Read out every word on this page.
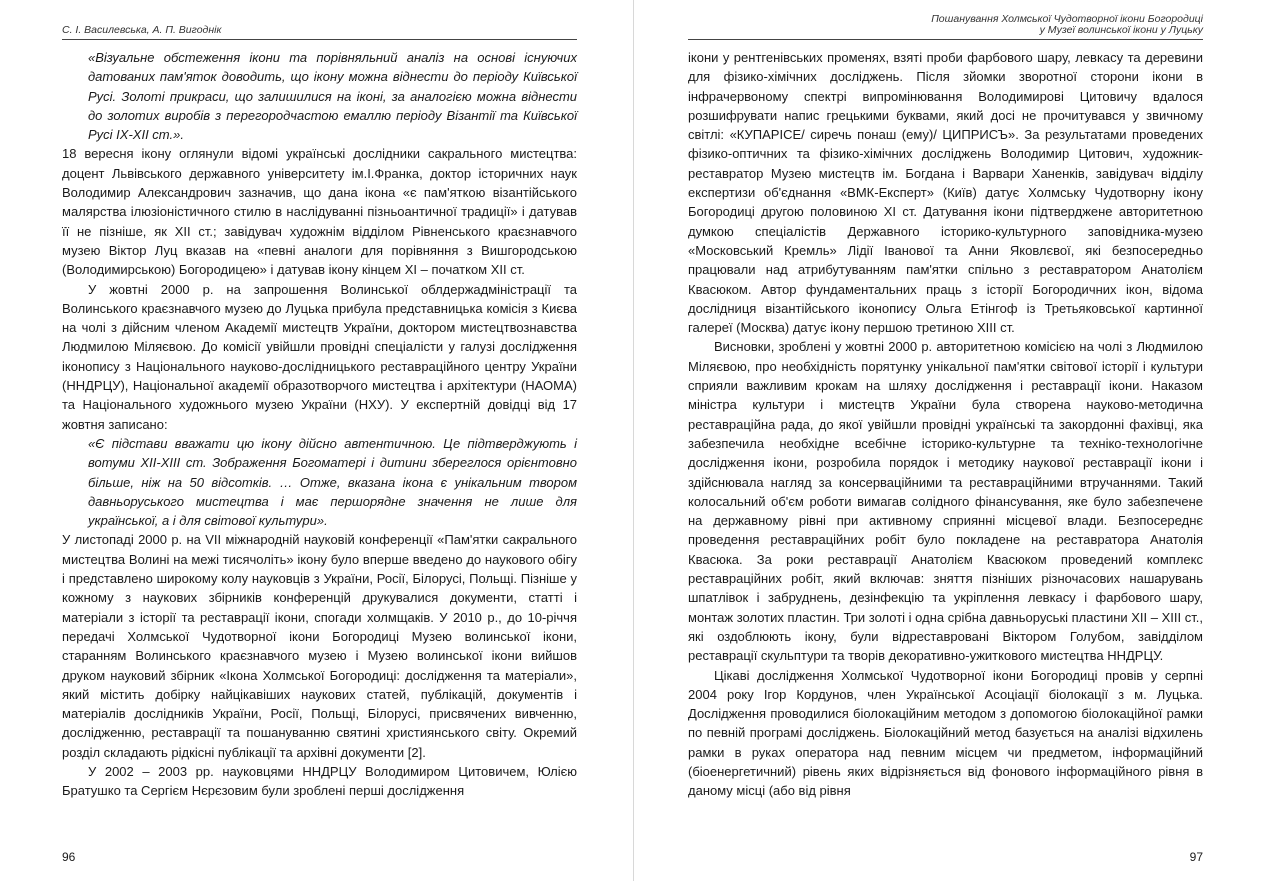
С. І. Василевська, А. П. Вигоднік

«Візуальне обстеження ікони та порівняльний аналіз на основі існуючих датованих пам'яток доводить, що ікону можна віднести до періоду Київської Русі. Золоті прикраси, що залишилися на іконі, за аналогією можна віднести до золотих виробів з перегородчастою емаллю періоду Візантії та Київської Русі ІХ-ХІІ ст.».

18 вересня ікону оглянули відомі українські дослідники сакрального мистецтва: доцент Львівського державного університету ім.І.Франка, доктор історичних наук Володимир Александрович зазначив, що дана ікона «є пам'яткою візантійського малярства ілюзіоністичного стилю в наслідуванні пізньоантичної традиції» і датував її не пізніше, як ХІІ ст.; завідувач художнім відділом Рівненського краєзнавчого музею Віктор Луц вказав на «певні аналоги для порівняння з Вишгородською (Володимирською) Богородицею» і датував ікону кінцем ХІ – початком ХІІ ст.

У жовтні 2000 р. на запрошення Волинської облдержадміністрації та Волинського краєзнавчого музею до Луцька прибула представницька комісія з Києва на чолі з дійсним членом Академії мистецтв України, доктором мистецтвознавства Людмилою Міляєвою. До комісії увійшли провідні спеціалісти у галузі дослідження іконопису з Національного науково-дослідницького реставраційного центру України (ННДРЦУ), Національної академії образотворчого мистецтва і архітектури (НАОМА) та Національного художнього музею України (НХУ). У експертній довідці від 17 жовтня записано:

«Є підстави вважати цю ікону дійсно автентичною. Це підтверджують і вотуми ХІІ-ХІІІ ст. Зображення Богоматері і дитини збереглося орієнтовно більше, ніж на 50 відсотків. … Отже, вказана ікона є унікальним твором давньоруського мистецтва і має першорядне значення не лише для української, а і для світової культури».

У листопаді 2000 р. на VII міжнародній науковій конференції «Пам'ятки сакрального мистецтва Волині на межі тисячоліть» ікону було вперше введено до наукового обігу і представлено широкому колу науковців з України, Росії, Білорусі, Польщі. Пізніше у кожному з наукових збірників конференцій друкувалися документи, статті і матеріали з історії та реставрації ікони, спогади холмщаків. У 2010 р., до 10-річчя передачі Холмської Чудотворної ікони Богородиці Музею волинської ікони, старанням Волинського краєзнавчого музею і Музею волинської ікони вийшов друком науковий збірник «Ікона Холмської Богородиці: дослідження та матеріали», який містить добірку найцікавіших наукових статей, публікацій, документів і матеріалів дослідників України, Росії, Польщі, Білорусі, присвячених вивченню, дослідженню, реставрації та пошануванню святині християнського світу. Окремий розділ складають рідкісні публікації та архівні документи [2].

У 2002 – 2003 рр. науковцями ННДРЦУ Володимиром Цитовичем, Юлією Братушко та Сергієм Нєрєзовим були зроблені перші дослідження

96
Пошанування Холмської Чудотворної ікони Богородиці
у Музеї волинської ікони у Луцьку

ікони у рентгенівських променях, взяті проби фарбового шару, левкасу та деревини для фізико-хімічних досліджень. Після зйомки зворотної сторони ікони в інфрачервоному спектрі випромінювання Володимирові Цитовичу вдалося розшифрувати напис грецькими буквами, який досі не прочитувався у звичному світлі: «КУПАРІСЕ/ сиречь понаш (ему)/ ЦИПРИСЪ». За результатами проведених фізико-оптичних та фізико-хімічних досліджень Володимир Цитович, художник-реставратор Музею мистецтв ім. Богдана і Варвари Ханенків, завідувач відділу експертизи об'єднання «ВМК-Експерт» (Київ) датує Холмську Чудотворну ікону Богородиці другою половиною ХІ ст. Датування ікони підтверджене авторитетною думкою спеціалістів Державного історико-культурного заповідника-музею «Московський Кремль» Лідії Іванової та Анни Яковлєвої, які безпосередньо працювали над атрибутуванням пам'ятки спільно з реставратором Анатолієм Квасюком. Автор фундаментальних праць з історії Богородичних ікон, відома дослідниця візантійського іконопису Ольга Етінгоф із Третьяковської картинної галереї (Москва) датує ікону першою третиною ХІІІ ст.

Висновки, зроблені у жовтні 2000 р. авторитетною комісією на чолі з Людмилою Міляєвою, про необхідність порятунку унікальної пам'ятки світової історії і культури сприяли важливим крокам на шляху дослідження і реставрації ікони. Наказом міністра культури і мистецтв України була створена науково-методична реставраційна рада, до якої увійшли провідні українські та закордонні фахівці, яка забезпечила необхідне всебічне історико-культурне та техніко-технологічне дослідження ікони, розробила порядок і методику наукової реставрації ікони і здійснювала нагляд за консерваційними та реставраційними втручаннями. Такий колосальний об'єм роботи вимагав солідного фінансування, яке було забезпечене на державному рівні при активному сприянні місцевої влади. Безпосереднє проведення реставраційних робіт було покладене на реставратора Анатолія Квасюка. За роки реставрації Анатолієм Квасюком проведений комплекс реставраційних робіт, який включав: зняття пізніших різночасових нашарувань шпатлівок і забруднень, дезінфекцію та укріплення левкасу і фарбового шару, монтаж золотих пластин. Три золоті і одна срібна давньоруські пластини ХІІ – ХІІІ ст., які оздоблюють ікону, були відреставровані Віктором Голубом, завідділом реставрації скульптури та творів декоративно-ужиткового мистецтва ННДРЦУ.

Цікаві дослідження Холмської Чудотворної ікони Богородиці провів у серпні 2004 року Ігор Кордунов, член Української Асоціації біолокації з м. Луцька. Дослідження проводилися біолокаційним методом з допомогою біолокаційної рамки по певній програмі досліджень. Біолокаційний метод базується на аналізі відхилень рамки в руках оператора над певним місцем чи предметом, інформаційний (біоенергетичний) рівень яких відрізняється від фонового інформаційного рівня в даному місці (або від рівня

97
